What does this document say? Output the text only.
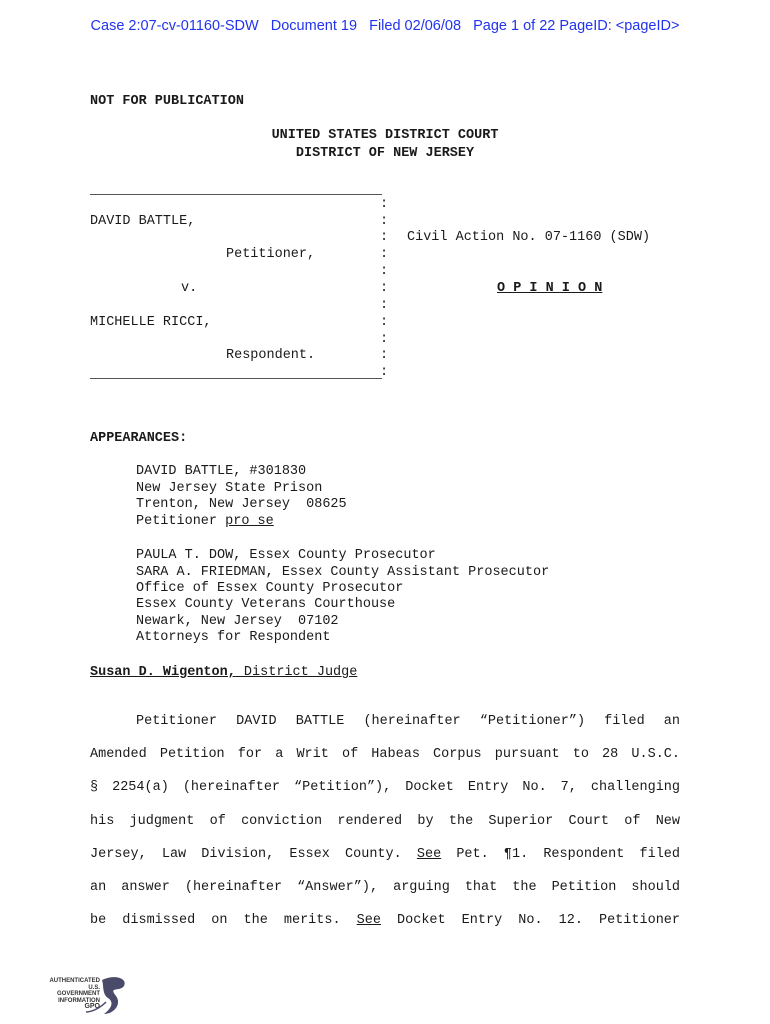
Case 2:07-cv-01160-SDW   Document 19   Filed 02/06/08   Page 1 of 22 PageID: <pageID>
NOT FOR PUBLICATION
UNITED STATES DISTRICT COURT
DISTRICT OF NEW JERSEY
:
:
:
:
:
:
:
:
:
:
:
DAVID BATTLE,
Petitioner,
v.
MICHELLE RICCI,
Respondent.
Civil Action No. 07-1160 (SDW)
O P I N I O N
APPEARANCES:
DAVID BATTLE, #301830
New Jersey State Prison
Trenton, New Jersey  08625
Petitioner pro se
PAULA T. DOW, Essex County Prosecutor
SARA A. FRIEDMAN, Essex County Assistant Prosecutor
Office of Essex County Prosecutor
Essex County Veterans Courthouse
Newark, New Jersey  07102
Attorneys for Respondent
Susan D. Wigenton, District Judge
Petitioner DAVID BATTLE (hereinafter “Petitioner”) filed an
Amended Petition for a Writ of Habeas Corpus pursuant to 28 U.S.C.
§ 2254(a) (hereinafter “Petition”), Docket Entry No. 7, challenging
his judgment of conviction rendered by the Superior Court of New
Jersey, Law Division, Essex County. See Pet. ¶1. Respondent filed
an answer (hereinafter “Answer”), arguing that the Petition should
be dismissed on the merits. See Docket Entry No. 12. Petitioner
AUTHENTICATED
U.S. GOVERNMENT
INFORMATION
GPO
